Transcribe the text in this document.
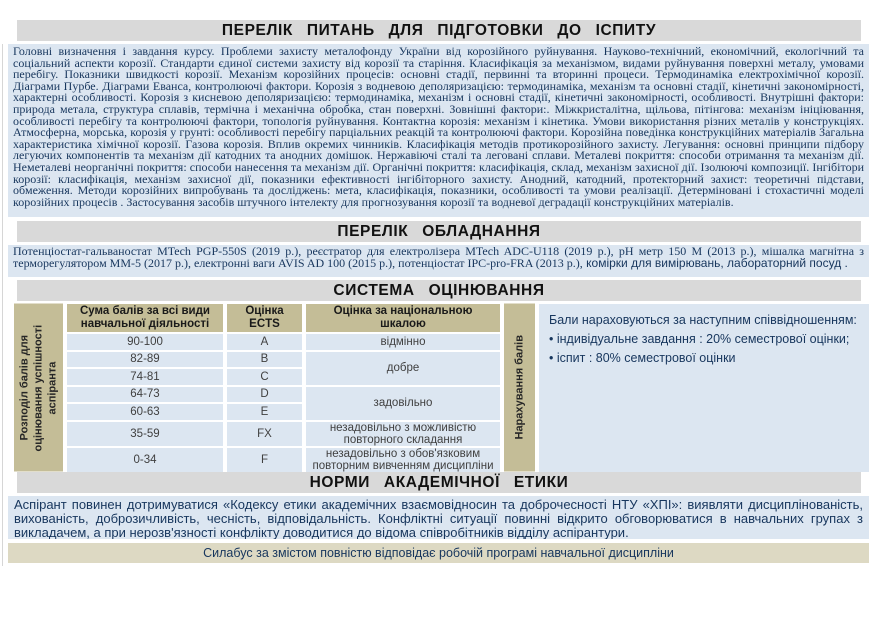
ПЕРЕЛІК ПИТАНЬ ДЛЯ ПІДГОТОВКИ ДО ІСПИТУ
Головні визначення і завдання курсу. Проблеми захисту металофонду України від корозійного руйнування. Науково-технічний, економічний, екологічний та соціальний аспекти корозії. Стандарти єдиної системи захисту від корозії та старіння. Класифікація за механізмом, видами руйнування поверхні металу, умовами перебігу. Показники швидкості корозії. Механізм корозійних процесів: основні стадії, первинні та вторинні процеси. Термодинаміка електрохімічної корозії. Діаграми Пурбе. Діаграми Еванса, контролюючі фактори. Корозія з водневою деполяризацією: термодинаміка, механізм та основні стадії, кінетичні закономірності, характерні особливості. Корозія з кисневою деполяризацією: термодинаміка, механізм і основні стадії, кінетичні закономірності, особливості. Внутрішні фактори: природа метала, структура сплавів, термічна і механічна обробка, стан поверхні. Зовнішні фактори:. Міжкристалітна, щільова, пітінгова: механізм ініціювання, особливості перебігу та контролюючі фактори, топологія руйнування. Контактна корозія: механізм і кінетика. Умови використання різних металів у конструкціях. Атмосферна, морська, корозія у грунті: особливості перебігу парціальних реакцій та контролюючі фактори. Корозійна поведінка конструкційних матеріалів Загальна характеристика хімічної корозії. Газова корозія. Вплив окремих чинників. Класифікація методів протикорозійного захисту. Легування: основні принципи підбору легуючих компонентів та механізм дії катодних та анодних домішок. Нержавіючі сталі та леговані сплави. Металеві покриття: способи отримання та механізм дії. Неметалеві неорганічні покриття: способи нанесення та механізм дії. Органічні покриття: класифікація, склад, механізм захисної дії. Ізолюючі композиції. Інгібітори корозії: класифікація, механізм захисної дії, показники ефективності інгібіторного захисту. Анодний, катодний, протекторний захист: теоретичні підстави, обмеження. Методи корозійних випробувань та досліджень: мета, класифікація, показники, особливості та умови реалізації. Детерміновані і стохастичні моделі корозійних процесів . Застосування засобів штучного інтелекту для прогнозування корозії та водневої деградації конструкційних матеріалів.
ПЕРЕЛІК ОБЛАДНАННЯ
Потенціостат-гальваностат MTech PGP-550S (2019 р.), реєстратор для електролізера MTech ADC-U118 (2019 р.), рН метр 150 М (2013 р.), мішалка магнітна з терморегулятором ММ-5 (2017 р.), електронні ваги AVIS AD 100 (2015 р.), потенціостат IPC-pro-FRA (2013 р.), комірки для вимірювань, лабораторний посуд .
СИСТЕМА ОЦІНЮВАННЯ
Розподіл балів для оцінювання успішності аспіранта
Сума балів за всі види навчальної діяльності
Оцінка ECTS
Оцінка за національною шкалою
90-100
82-89
74-81
64-73
60-63
35-59
0-34
A
B
C
D
E
FX
F
відмінно
добре
задовільно
незадовільно з можливістю повторного складання
незадовільно з обов'язковим повторним вивченням дисципліни
Нарахування балів
Бали нараховуються за наступним співвідношенням:
• індивідуальне завдання : 20% семестрової оцінки;
• іспит : 80% семестрової оцінки
НОРМИ АКАДЕМІЧНОЇ ЕТИКИ
Аспірант повинен дотримуватися «Кодексу етики академічних взаємовідносин та доброчесності НТУ «ХПІ»: виявляти дисциплінованість, вихованість, доброзичливість, чесність, відповідальність. Конфліктні ситуації повинні відкрито обговорюватися в навчальних групах з викладачем, а при нерозв'язності конфлікту доводитися до відома співробітників відділу аспірантури.
Силабус за змістом повністю відповідає робочій програмі навчальної дисципліни
